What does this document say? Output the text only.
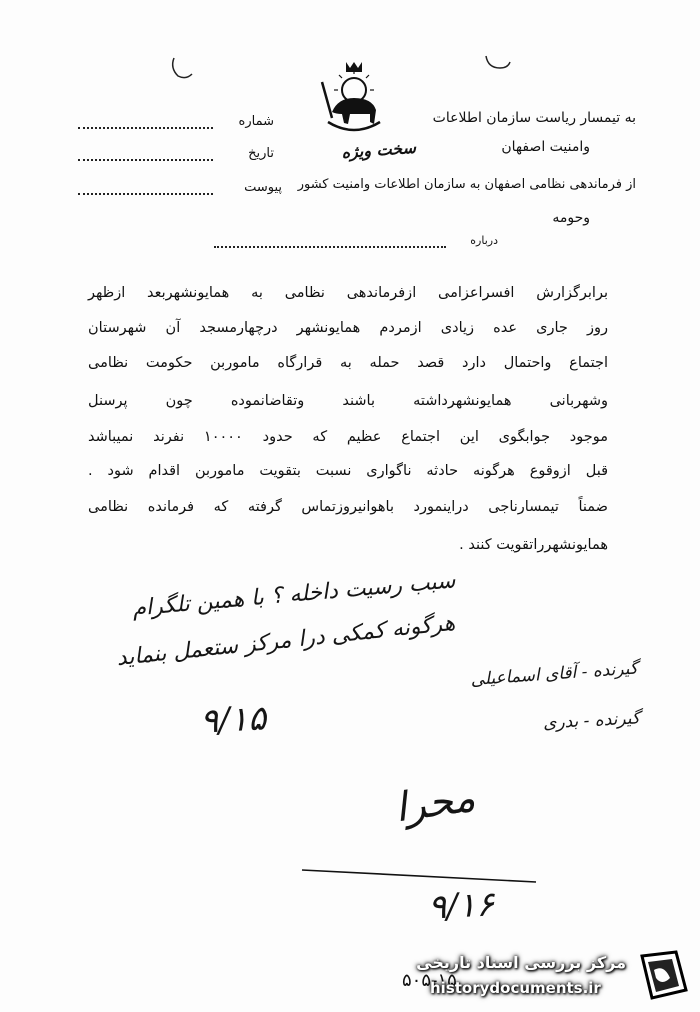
شماره
تاریخ
پیوست
به تیمسار ریاست سازمان اطلاعات
وامنیت اصفهان
سخت ویژه
از فرماندهی نظامی اصفهان به سازمان اطلاعات وامنیت کشور
وحومه
درباره
برابرگزارش افسراعزامی ازفرماندهی نظامی به همایونشهربعد ازظهر
روز جاری عده زیادی ازمردم همایونشهر درچهارمسجد آن شهرستان
اجتماع واحتمال دارد قصد حمله به قرارگاه ماموربن حکومت نظامی
وشهربانی همایونشهرداشته باشند وتقاضانموده چون پرسنل
موجود جوابگوی این اجتماع عظیم که حدود ۱۰۰۰۰ نفرند نمیباشد
قبل ازوقوع هرگونه حادثه ناگواری نسبت بتقویت ماموربن اقدام شود .
ضمناً تیمسارناجی دراینمورد باهوانیروزتماس گرفته که فرمانده نظامی
همایونشهرراتقویت کنند .
سبب رسیت داخله ؟ با همین تلگرام
هرگونه کمکی درا مرکز ستعمل بنماید
۹/۱۵
گیرنده - آقای اسماعیلی
گیرنده - بدری
محرا
۹/۱۶
۵۰۵-۱۵
مرکز بررسی اسناد تاریخی
historydocuments.ir
